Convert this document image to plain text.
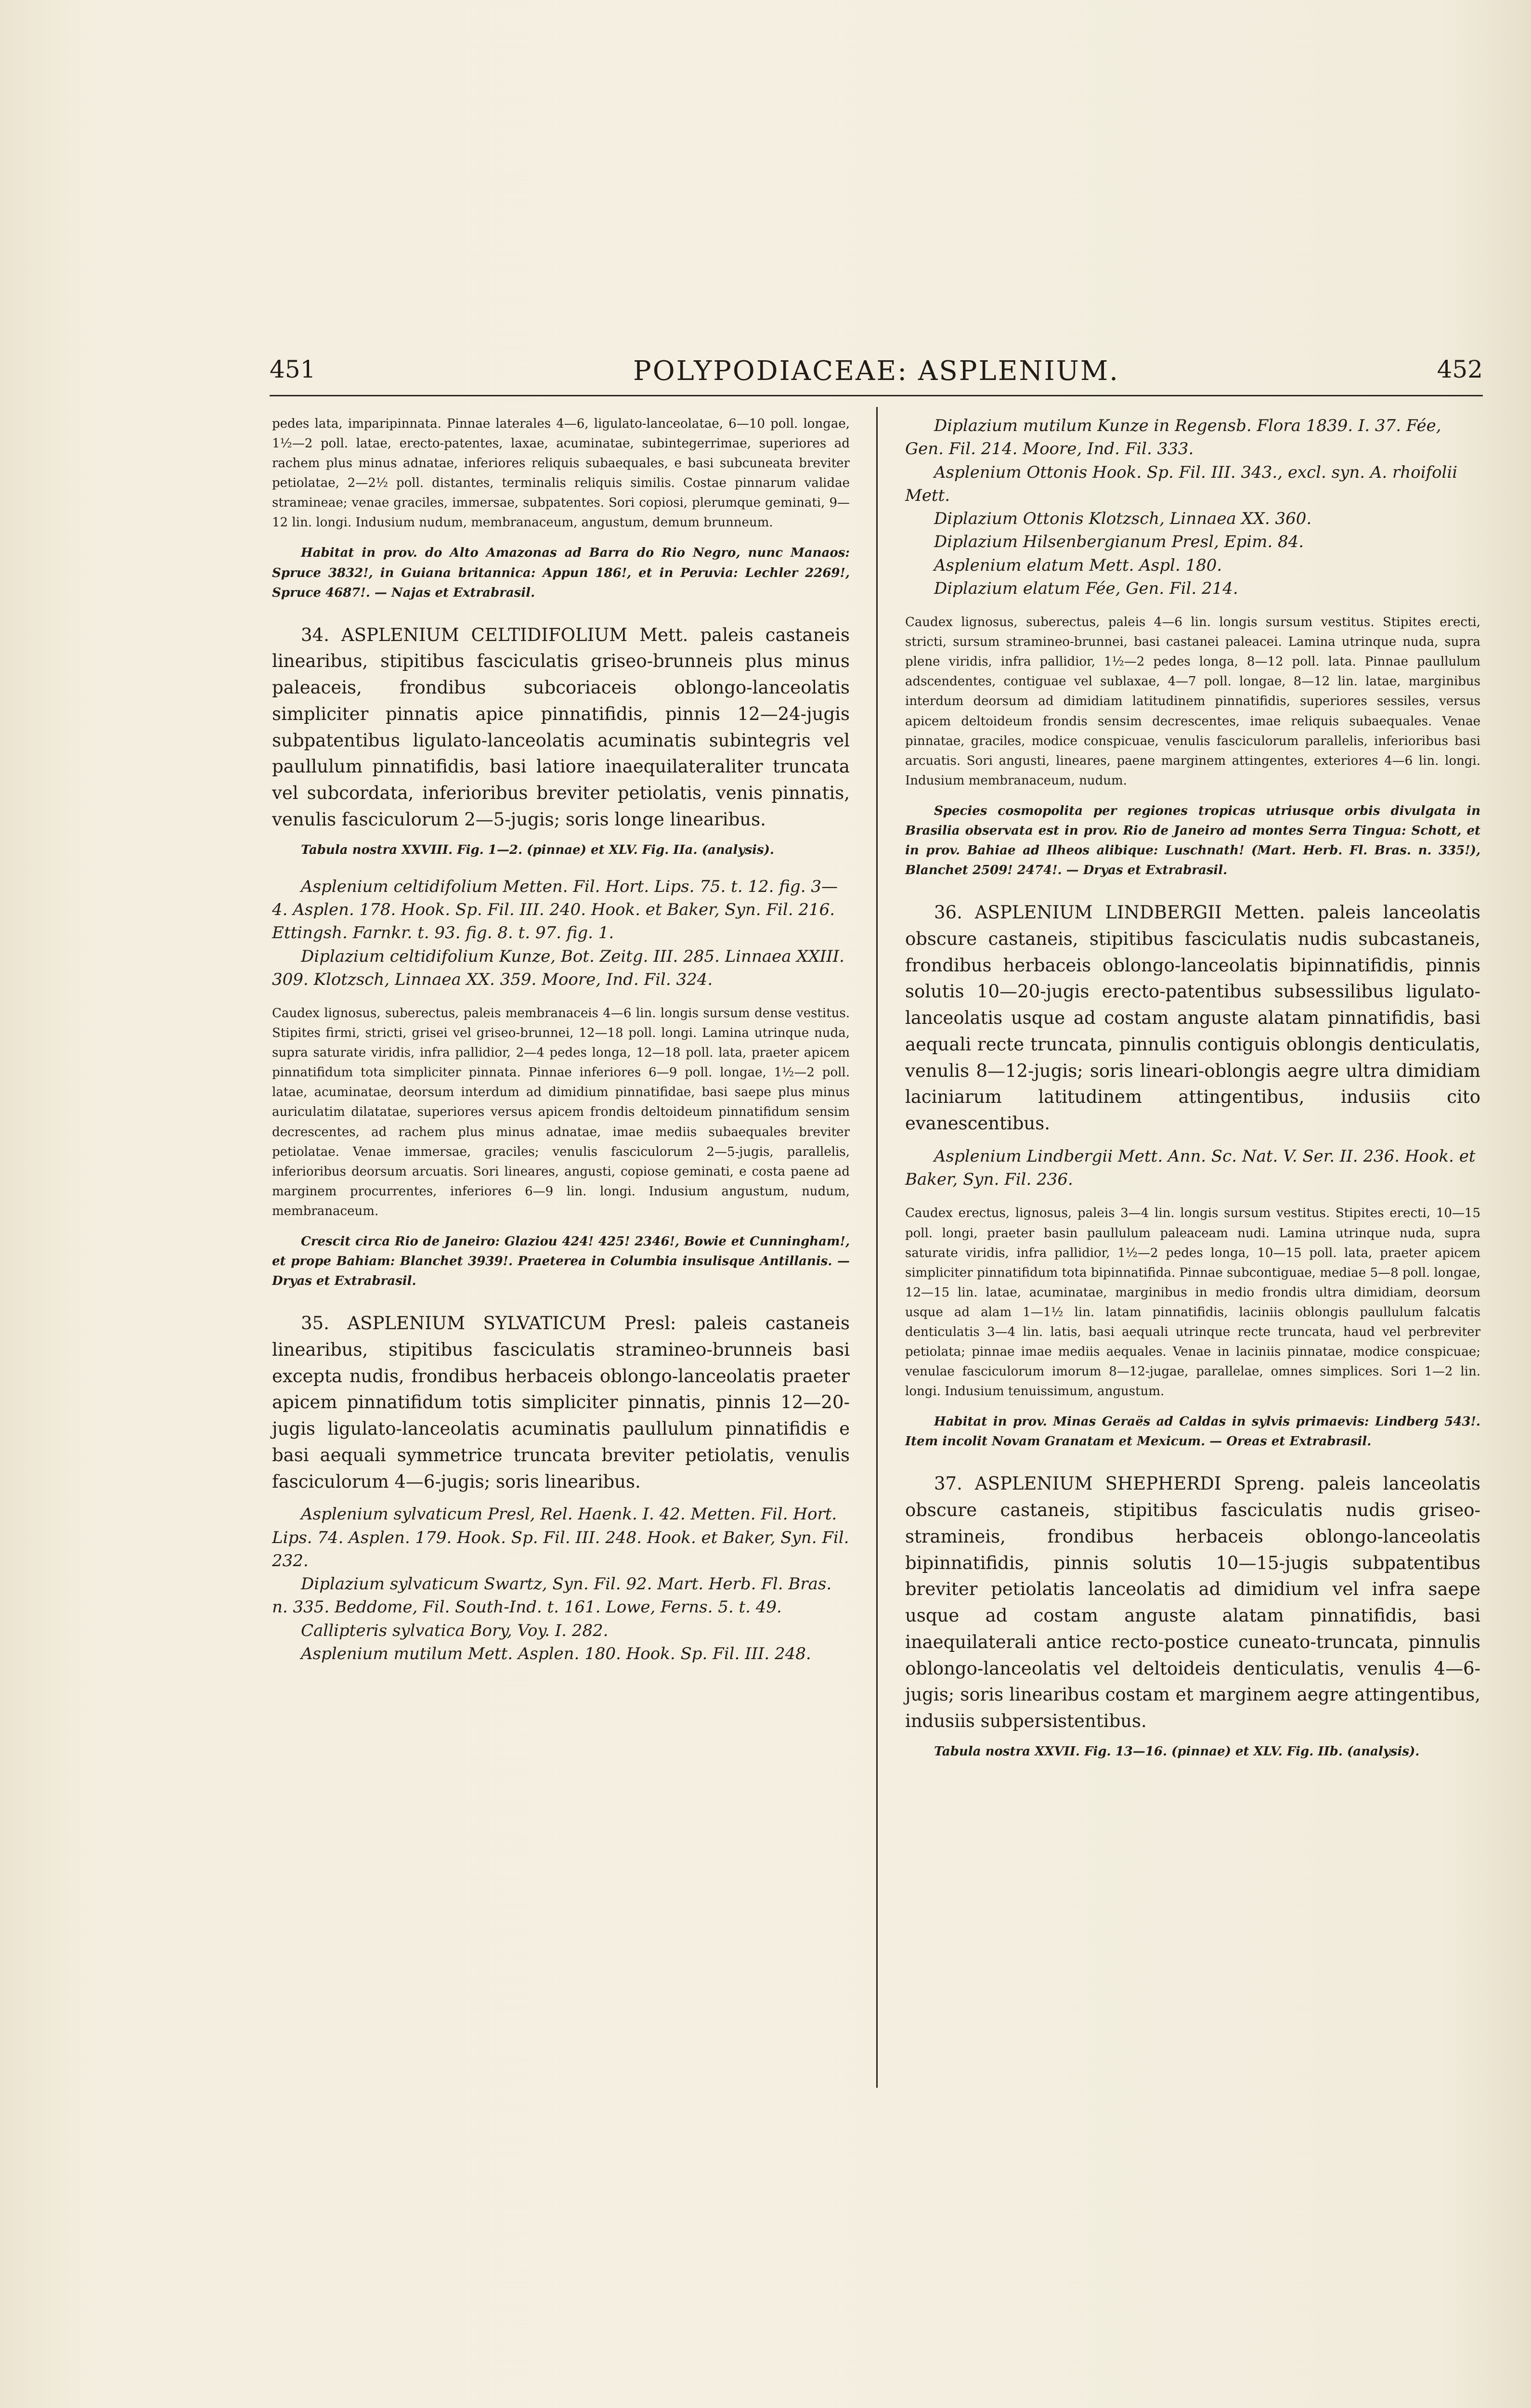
POLYPODIACEAE: ASPLENIUM.
451	452

pedes lata, imparipinnata. Pinnae laterales 4—6, ligulato-lanceolatae, 6—10 poll. longae, 1½—2 poll. latae, erecto-patentes, laxae, acuminatae, subintegerrimae, superiores ad rachem plus minus adnatae, inferiores reliquis subaequales, e basi subcuneata breviter petiolatae, 2—2½ poll. distantes, terminalis reliquis similis. Costae pinnarum validae stramineae; venae graciles, immersae, subpatentes. Sori copiosi, plerumque geminati, 9—12 lin. longi. Indusium nudum, membranaceum, angustum, demum brunneum.

Habitat in prov. do Alto Amazonas ad Barra do Rio Negro, nunc Manaos: Spruce 3832!, in Guiana britannica: Appun 186!, et in Peruvia: Lechler 2269!, Spruce 4687!. — Najas et Extrabrasil.

34. ASPLENIUM CELTIDIFOLIUM Mett. paleis castaneis linearibus, stipitibus fasciculatis griseo-brunneis plus minus paleaceis, frondibus subcoriaceis oblongo-lanceolatis simpliciter pinnatis apice pinnatifidis, pinnis 12—24-jugis subpatentibus ligulato-lanceolatis acuminatis subintegris vel paullulum pinnatifidis, basi latiore inaequilateraliter truncata vel subcordata, inferioribus breviter petiolatis, venis pinnatis, venulis fasciculorum 2—5-jugis; soris longe linearibus.

Tabula nostra XXVIII. Fig. 1—2. (pinnae) et XLV. Fig. IIa. (analysis).

Asplenium celtidifolium Metten. Fil. Hort. Lips. 75. t. 12. fig. 3—4. Asplen. 178. Hook. Sp. Fil. III. 240. Hook. et Baker, Syn. Fil. 216. Ettingsh. Farnkr. t. 93. fig. 8. t. 97. fig. 1.

Diplazium celtidifolium Kunze, Bot. Zeitg. III. 285. Linnaea XXIII. 309. Klotzsch, Linnaea XX. 359. Moore, Ind. Fil. 324.

Caudex lignosus, suberectus, paleis membranaceis 4—6 lin. longis sursum dense vestitus. Stipites firmi, stricti, grisei vel griseo-brunnei, 12—18 poll. longi. Lamina utrinque nuda, supra saturate viridis, infra pallidior, 2—4 pedes longa, 12—18 poll. lata, praeter apicem pinnatifidum tota simpliciter pinnata. Pinnae inferiores 6—9 poll. longae, 1½—2 poll. latae, acuminatae, deorsum interdum ad dimidium pinnatifidae, basi saepe plus minus auriculatim dilatatae, superiores versus apicem frondis deltoideum pinnatifidum sensim decrescentes, ad rachem plus minus adnatae, imae mediis subaequales breviter petiolatae. Venae immersae, graciles; venulis fasciculorum 2—5-jugis, parallelis, inferioribus deorsum arcuatis. Sori lineares, angusti, copiose geminati, e costa paene ad marginem procurrentes, inferiores 6—9 lin. longi. Indusium angustum, nudum, membranaceum.

Crescit circa Rio de Janeiro: Glaziou 424! 425! 2346!, Bowie et Cunningham!, et prope Bahiam: Blanchet 3939!. Praeterea in Columbia insulisque Antillanis. — Dryas et Extrabrasil.

35. ASPLENIUM SYLVATICUM Presl: paleis castaneis linearibus, stipitibus fasciculatis stramineo-brunneis basi excepta nudis, frondibus herbaceis oblongo-lanceolatis praeter apicem pinnatifidum totis simpliciter pinnatis, pinnis 12—20-jugis ligulato-lanceolatis acuminatis paullulum pinnatifidis e basi aequali symmetrice truncata breviter petiolatis, venulis fasciculorum 4—6-jugis; soris linearibus.

Asplenium sylvaticum Presl, Rel. Haenk. I. 42. Metten. Fil. Hort. Lips. 74. Asplen. 179. Hook. Sp. Fil. III. 248. Hook. et Baker, Syn. Fil. 232.

Diplazium sylvaticum Swartz, Syn. Fil. 92. Mart. Herb. Fl. Bras. n. 335. Beddome, Fil. South-Ind. t. 161. Lowe, Ferns. 5. t. 49.

Callipteris sylvatica Bory, Voy. I. 282.

Asplenium mutilum Mett. Asplen. 180. Hook. Sp. Fil. III. 248.

Diplazium mutilum Kunze in Regensb. Flora 1839. I. 37. Fée, Gen. Fil. 214. Moore, Ind. Fil. 333.

Asplenium Ottonis Hook. Sp. Fil. III. 343., excl. syn. A. rhoifolii Mett.

Diplazium Ottonis Klotzsch, Linnaea XX. 360.

Diplazium Hilsenbergianum Presl, Epim. 84.

Asplenium elatum Mett. Aspl. 180.

Diplazium elatum Fée, Gen. Fil. 214.

Caudex lignosus, suberectus, paleis 4—6 lin. longis sursum vestitus. Stipites erecti, stricti, sursum stramineo-brunnei, basi castanei paleacei. Lamina utrinque nuda, supra plene viridis, infra pallidior, 1½—2 pedes longa, 8—12 poll. lata. Pinnae paullulum adscendentes, contiguae vel sublaxae, 4—7 poll. longae, 8—12 lin. latae, marginibus interdum deorsum ad dimidiam latitudinem pinnatifidis, superiores sessiles, versus apicem deltoideum frondis sensim decrescentes, imae reliquis subaequales. Venae pinnatae, graciles, modice conspicuae, venulis fasciculorum parallelis, inferioribus basi arcuatis. Sori angusti, lineares, paene marginem attingentes, exteriores 4—6 lin. longi. Indusium membranaceum, nudum.

Species cosmopolita per regiones tropicas utriusque orbis divulgata in Brasilia observata est in prov. Rio de Janeiro ad montes Serra Tingua: Schott, et in prov. Bahiae ad Ilheos alibique: Luschnath! (Mart. Herb. Fl. Bras. n. 335!), Blanchet 2509! 2474!. — Dryas et Extrabrasil.

36. ASPLENIUM LINDBERGII Metten. paleis lanceolatis obscure castaneis, stipitibus fasciculatis nudis subcastaneis, frondibus herbaceis oblongo-lanceolatis bipinnatifidis, pinnis solutis 10—20-jugis erecto-patentibus subsessilibus ligulato-lanceolatis usque ad costam anguste alatam pinnatifidis, basi aequali recte truncata, pinnulis contiguis oblongis denticulatis, venulis 8—12-jugis; soris lineari-oblongis aegre ultra dimidiam laciniarum latitudinem attingentibus, indusiis cito evanescentibus.

Asplenium Lindbergii Mett. Ann. Sc. Nat. V. Ser. II. 236. Hook. et Baker, Syn. Fil. 236.

Caudex erectus, lignosus, paleis 3—4 lin. longis sursum vestitus. Stipites erecti, 10—15 poll. longi, praeter basin paullulum paleaceam nudi. Lamina utrinque nuda, supra saturate viridis, infra pallidior, 1½—2 pedes longa, 10—15 poll. lata, praeter apicem simpliciter pinnatifidum tota bipinnatifida. Pinnae subcontiguae, mediae 5—8 poll. longae, 12—15 lin. latae, acuminatae, marginibus in medio frondis ultra dimidiam, deorsum usque ad alam 1—1½ lin. latam pinnatifidis, laciniis oblongis paullulum falcatis denticulatis 3—4 lin. latis, basi aequali utrinque recte truncata, haud vel perbreviter petiolata; pinnae imae mediis aequales. Venae in laciniis pinnatae, modice conspicuae; venulae fasciculorum imorum 8—12-jugae, parallelae, omnes simplices. Sori 1—2 lin. longi. Indusium tenuissimum, angustum.

Habitat in prov. Minas Geraës ad Caldas in sylvis primaevis: Lindberg 543!. Item incolit Novam Granatam et Mexicum. — Oreas et Extrabrasil.

37. ASPLENIUM SHEPHERDI Spreng. paleis lanceolatis obscure castaneis, stipitibus fasciculatis nudis griseo-stramineis, frondibus herbaceis oblongo-lanceolatis bipinnatifidis, pinnis solutis 10—15-jugis subpatentibus breviter petiolatis lanceolatis ad dimidium vel infra saepe usque ad costam anguste alatam pinnatifidis, basi inaequilaterali antice recto-postice cuneato-truncata, pinnulis oblongo-lanceolatis vel deltoideis denticulatis, venulis 4—6-jugis; soris linearibus costam et marginem aegre attingentibus, indusiis subpersistentibus.

Tabula nostra XXVII. Fig. 13—16. (pinnae) et XLV. Fig. IIb. (analysis).
